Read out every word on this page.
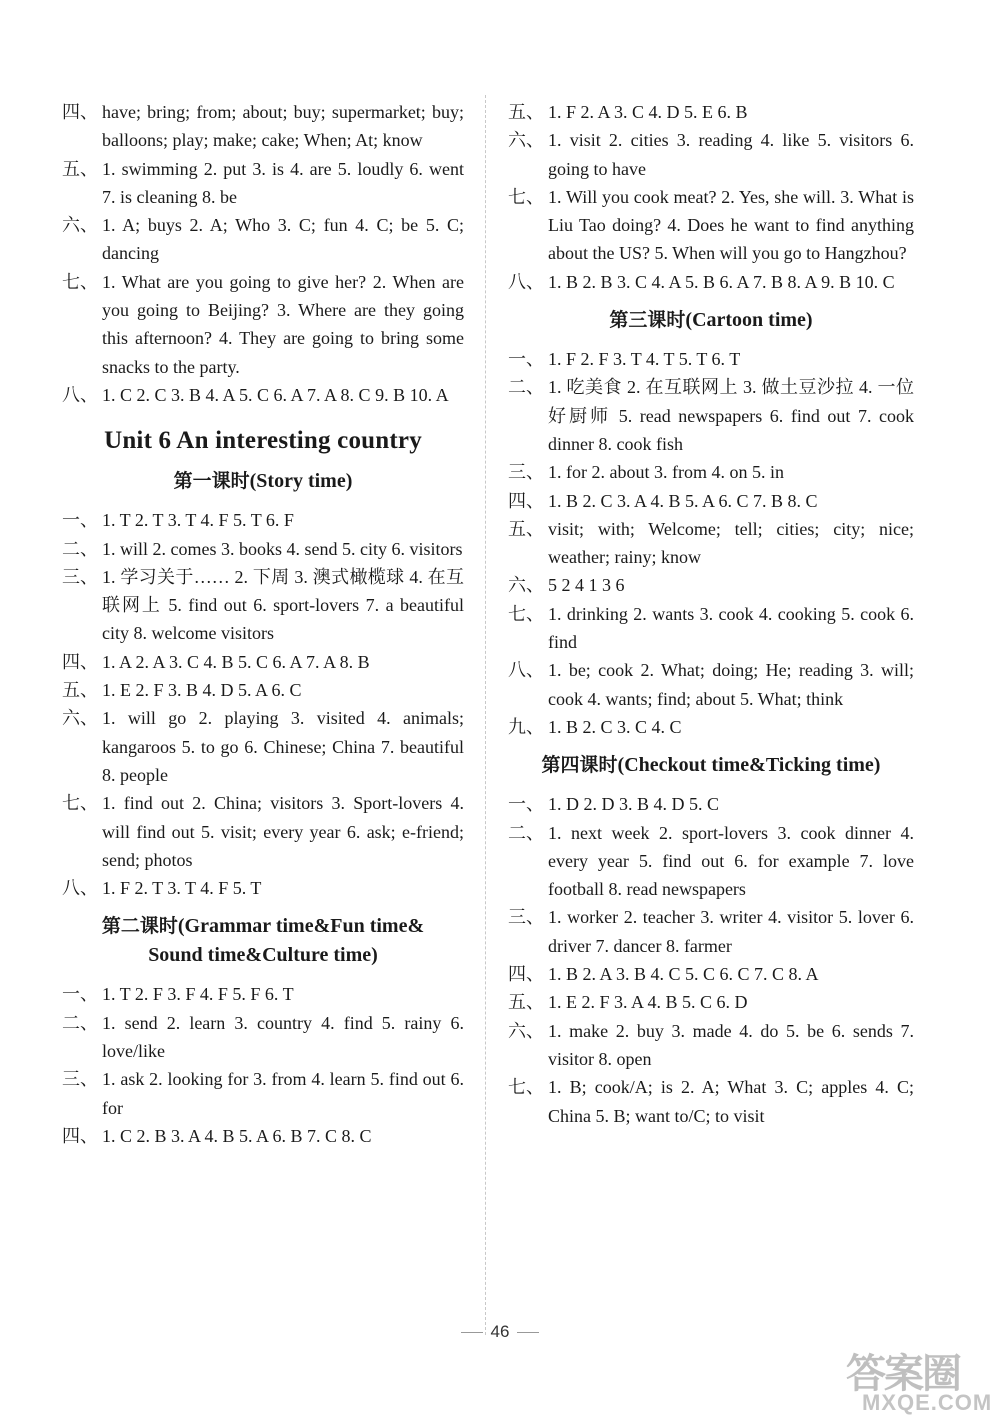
四、 have; bring; from; about; buy; supermarket; buy; balloons; play; make; cake; When; At; know
五、 1. swimming 2. put 3. is 4. are 5. loudly 6. went 7. is cleaning 8. be
六、 1. A; buys 2. A; Who 3. C; fun 4. C; be 5. C; dancing
七、 1. What are you going to give her? 2. When are you going to Beijing? 3. Where are they going this afternoon? 4. They are going to bring some snacks to the party.
八、 1. C 2. C 3. B 4. A 5. C 6. A 7. A 8. C 9. B 10. A
Unit 6 An interesting country
第一课时(Story time)
一、 1. T 2. T 3. T 4. F 5. T 6. F
二、 1. will 2. comes 3. books 4. send 5. city 6. visitors
三、 1. 学习关于…… 2. 下周 3. 澳式橄榄球 4. 在互联网上 5. find out 6. sport-lovers 7. a beautiful city 8. welcome visitors
四、 1. A 2. A 3. C 4. B 5. C 6. A 7. A 8. B
五、 1. E 2. F 3. B 4. D 5. A 6. C
六、 1. will go 2. playing 3. visited 4. animals; kangaroos 5. to go 6. Chinese; China 7. beautiful 8. people
七、 1. find out 2. China; visitors 3. Sport-lovers 4. will find out 5. visit; every year 6. ask; e-friend; send; photos
八、 1. F 2. T 3. T 4. F 5. T
第二课时(Grammar time&Fun time&
Sound time&Culture time)
一、 1. T 2. F 3. F 4. F 5. F 6. T
二、 1. send 2. learn 3. country 4. find 5. rainy 6. love/like
三、 1. ask 2. looking for 3. from 4. learn 5. find out 6. for
四、 1. C 2. B 3. A 4. B 5. A 6. B 7. C 8. C
五、 1. F 2. A 3. C 4. D 5. E 6. B
六、 1. visit 2. cities 3. reading 4. like 5. visitors 6. going to have
七、 1. Will you cook meat? 2. Yes, she will. 3. What is Liu Tao doing? 4. Does he want to find anything about the US? 5. When will you go to Hangzhou?
八、 1. B 2. B 3. C 4. A 5. B 6. A 7. B 8. A 9. B 10. C
第三课时(Cartoon time)
一、 1. F 2. F 3. T 4. T 5. T 6. T
二、 1. 吃美食 2. 在互联网上 3. 做土豆沙拉 4. 一位好厨师 5. read newspapers 6. find out 7. cook dinner 8. cook fish
三、 1. for 2. about 3. from 4. on 5. in
四、 1. B 2. C 3. A 4. B 5. A 6. C 7. B 8. C
五、 visit; with; Welcome; tell; cities; city; nice; weather; rainy; know
六、 5 2 4 1 3 6
七、 1. drinking 2. wants 3. cook 4. cooking 5. cook 6. find
八、 1. be; cook 2. What; doing; He; reading 3. will; cook 4. wants; find; about 5. What; think
九、 1. B 2. C 3. C 4. C
第四课时(Checkout time&Ticking time)
一、 1. D 2. D 3. B 4. D 5. C
二、 1. next week 2. sport-lovers 3. cook dinner 4. every year 5. find out 6. for example 7. love football 8. read newspapers
三、 1. worker 2. teacher 3. writer 4. visitor 5. lover 6. driver 7. dancer 8. farmer
四、 1. B 2. A 3. B 4. C 5. C 6. C 7. C 8. A
五、 1. E 2. F 3. A 4. B 5. C 6. D
六、 1. make 2. buy 3. made 4. do 5. be 6. sends 7. visitor 8. open
七、 1. B; cook/A; is 2. A; What 3. C; apples 4. C; China 5. B; want to/C; to visit
46
答案圈
MXQE.COM
